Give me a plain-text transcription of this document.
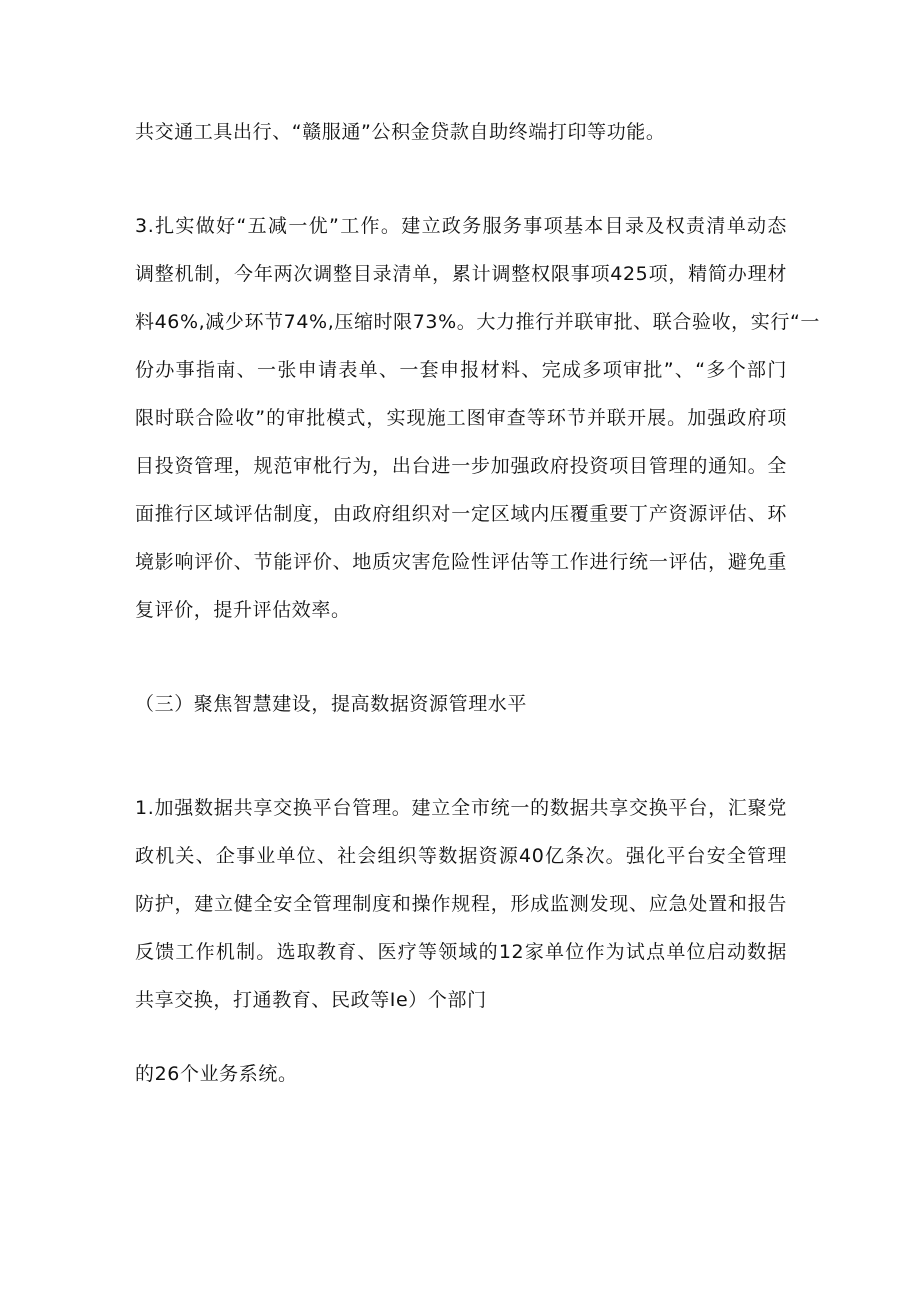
共交通工具出行、“赣服通”公积金贷款自助终端打印等功能。
3.扎实做好“五减一优”工作。建立政务服务事项基本目录及权责清单动态
调整机制，今年两次调整目录清单，累计调整权限事项425项，精简办理材
料46%,减少环节74%,压缩时限73%。大力推行并联审批、联合验收，实行“一
份办事指南、一张申请表单、一套申报材料、完成多项审批”、“多个部门
限时联合险收”的审批模式，实现施工图审查等环节并联开展。加强政府项
目投资管理，规范审枇行为，出台进一步加强政府投资项目管理的通知。全
面推行区域评估制度，由政府组织对一定区域内压覆重要丁产资源评估、环
境影响评价、节能评价、地质灾害危险性评估等工作进行统一评估，避免重
复评价，提升评估效率。
（三）聚焦智慧建设，提高数据资源管理水平
1.加强数据共享交换平台管理。建立全市统一的数据共享交换平台，汇聚党
政机关、企事业单位、社会组织等数据资源40亿条次。强化平台安全管理
防护，建立健全安全管理制度和操作规程，形成监测发现、应急处置和报告
反馈工作机制。选取教育、医疗等领域的12家单位作为试点单位启动数据
共享交换，打通教育、民政等Ie）个部门
的26个业务系统。
